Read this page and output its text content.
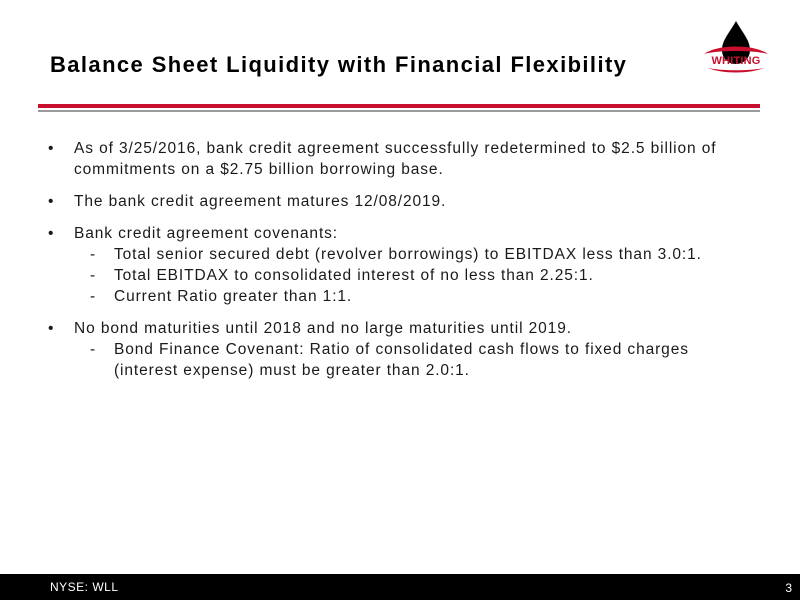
Balance Sheet Liquidity with Financial Flexibility	WHITING
• As of 3/25/2016, bank credit agreement successfully redetermined to $2.5 billion of commitments on a $2.75 billion borrowing base.
• The bank credit agreement matures 12/08/2019.
• Bank credit agreement covenants:
- Total senior secured debt (revolver borrowings) to EBITDAX less than 3.0:1.
- Total EBITDAX to consolidated interest of no less than 2.25:1.
- Current Ratio greater than 1:1.
• No bond maturities until 2018 and no large maturities until 2019.
- Bond Finance Covenant: Ratio of consolidated cash flows to fixed charges (interest expense) must be greater than 2.0:1.
NYSE: WLL	3
